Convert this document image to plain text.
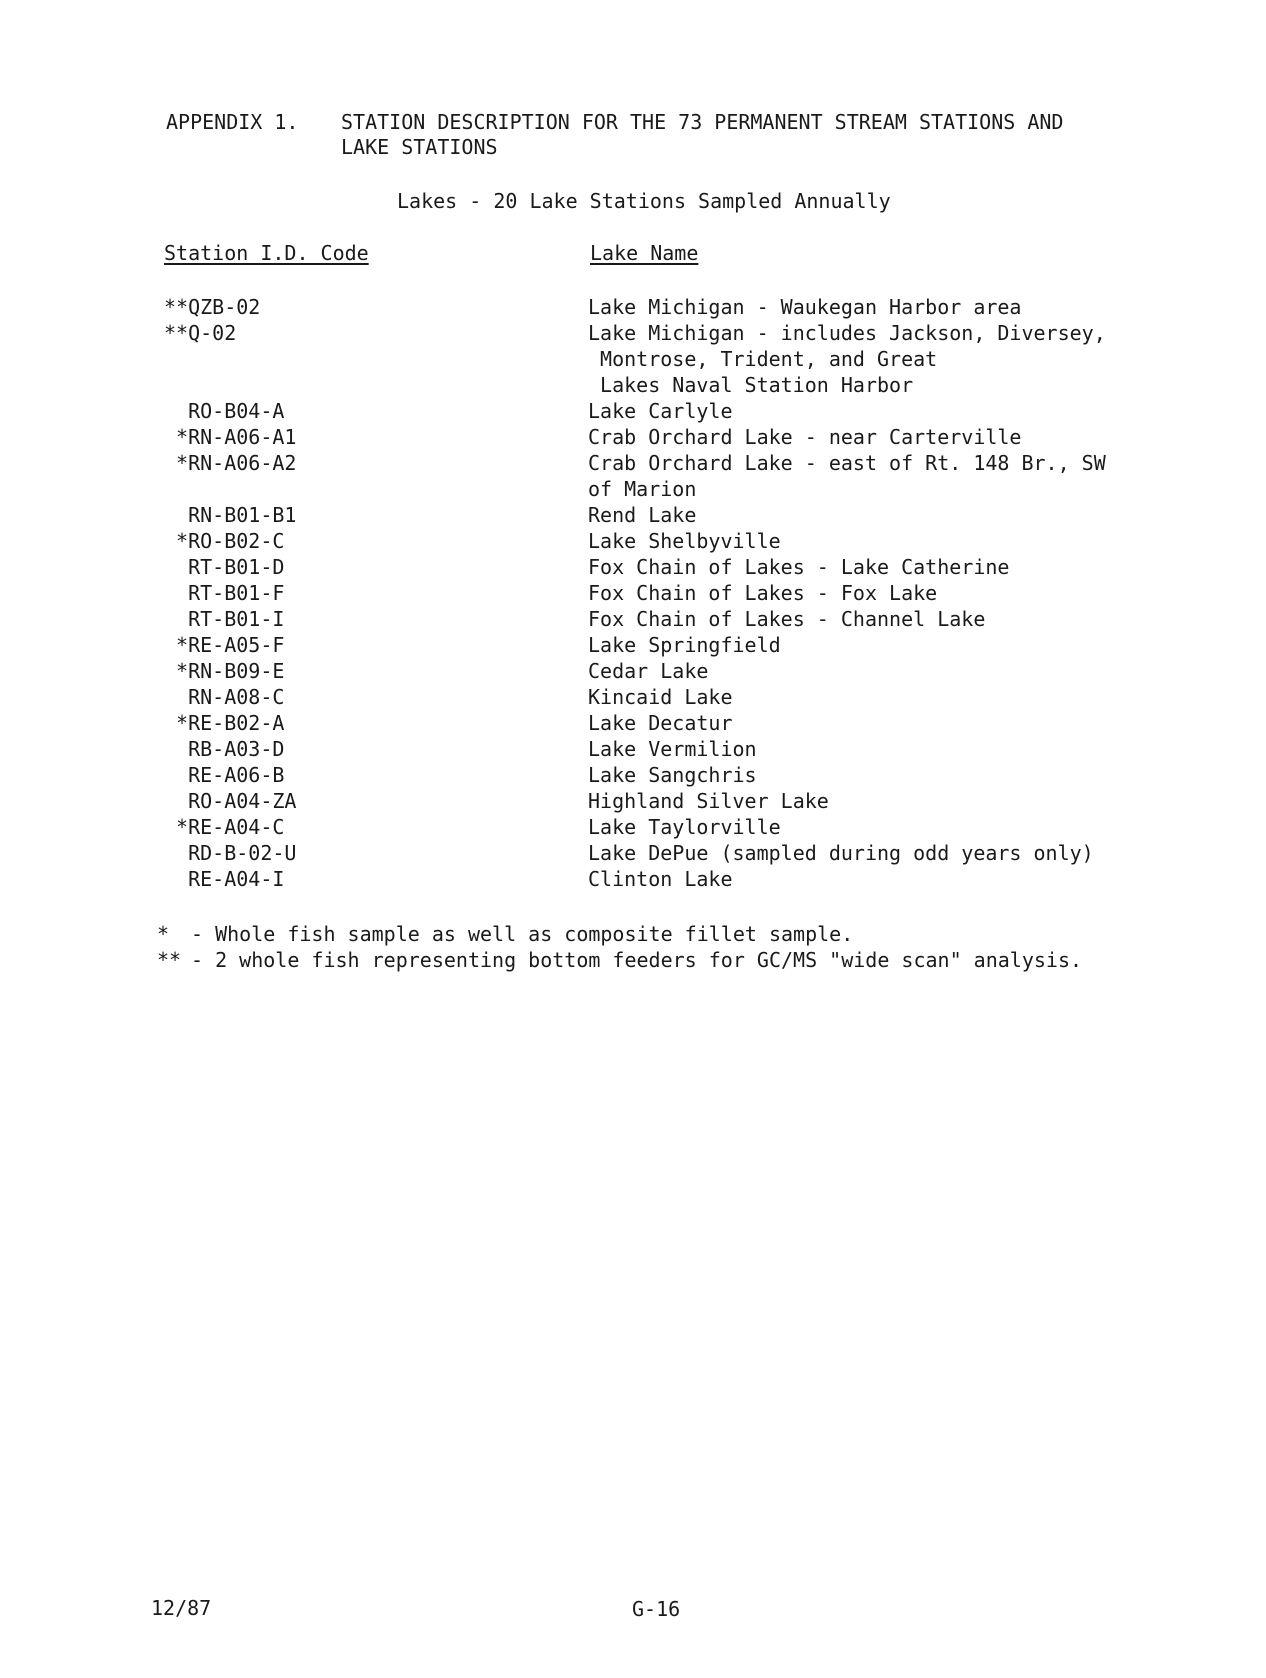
APPENDIX 1. STATION DESCRIPTION FOR THE 73 PERMANENT STREAM STATIONS AND
LAKE STATIONS
Lakes - 20 Lake Stations Sampled Annually
Station I.D. Code	Lake Name
**QZB-02	Lake Michigan - Waukegan Harbor area
**Q-02	Lake Michigan - includes Jackson, Diversey,
Montrose, Trident, and Great
Lakes Naval Station Harbor
RO-B04-A	Lake Carlyle
*RN-A06-A1	Crab Orchard Lake - near Carterville
*RN-A06-A2	Crab Orchard Lake - east of Rt. 148 Br., SW
of Marion
RN-B01-B1	Rend Lake
*RO-B02-C	Lake Shelbyville
RT-B01-D	Fox Chain of Lakes - Lake Catherine
RT-B01-F	Fox Chain of Lakes - Fox Lake
RT-B01-I	Fox Chain of Lakes - Channel Lake
*RE-A05-F	Lake Springfield
*RN-B09-E	Cedar Lake
RN-A08-C	Kincaid Lake
*RE-B02-A	Lake Decatur
RB-A03-D	Lake Vermilion
RE-A06-B	Lake Sangchris
RO-A04-ZA	Highland Silver Lake
*RE-A04-C	Lake Taylorville
RD-B-02-U	Lake DePue (sampled during odd years only)
RE-A04-I	Clinton Lake
* - Whole fish sample as well as composite fillet sample.
** - 2 whole fish representing bottom feeders for GC/MS "wide scan" analysis.
12/87	G-16
